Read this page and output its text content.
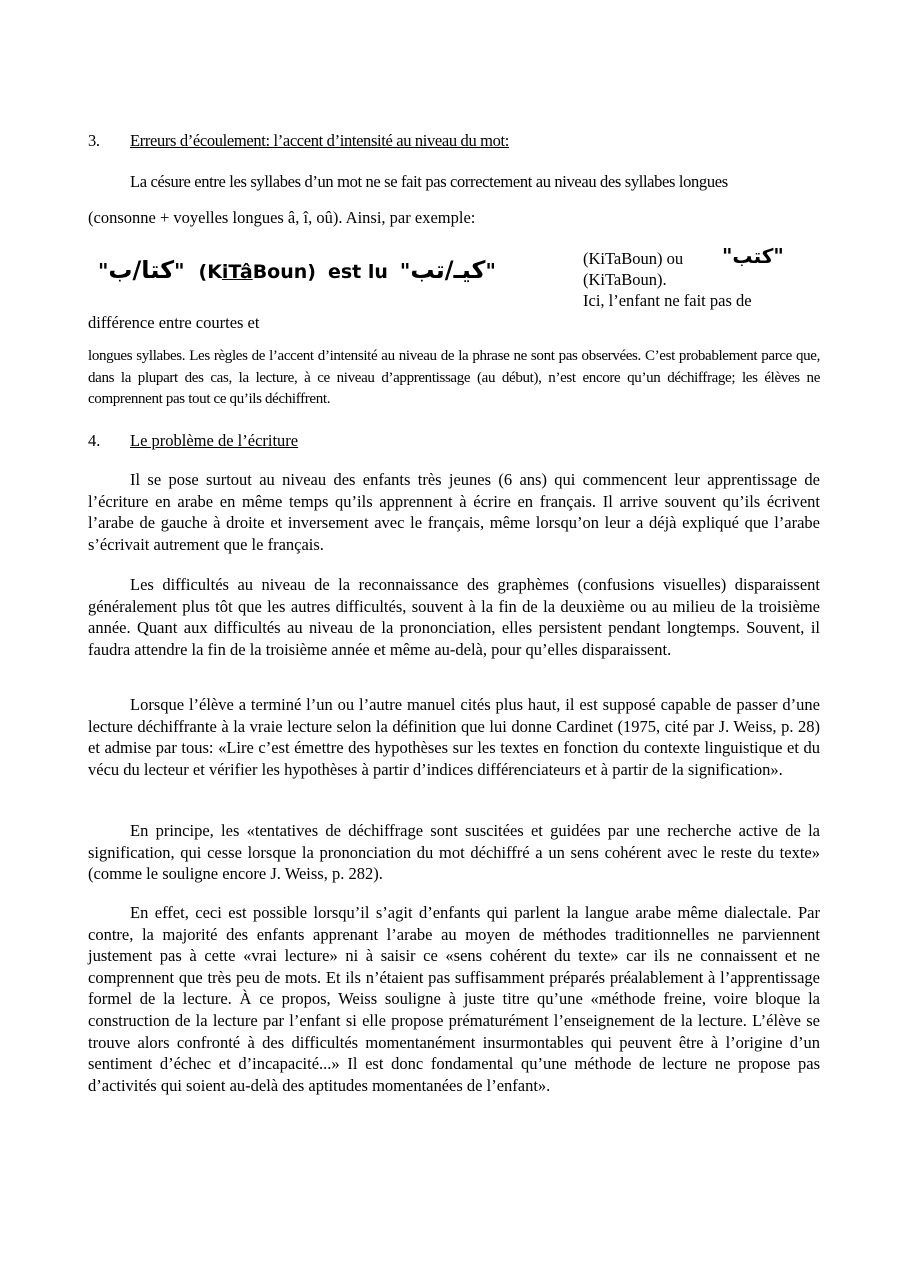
3. Erreurs d’écoulement: l’accent d’intensité au niveau du mot:
La césure entre les syllabes d’un mot ne se fait pas correctement au niveau des syllabes longues
(consonne + voyelles longues â, î, oû). Ainsi, par exemple:
"كتا/ب" (KiTâBoun) est lu "كيـ/تب"
(KiTaBoun) ou "كتب"
(KiTaBoun).
Ici, l’enfant ne fait pas de
différence entre courtes et
longues syllabes. Les règles de l’accent d’intensité au niveau de la phrase ne sont pas observées. C’est probablement parce que, dans la plupart des cas, la lecture, à ce niveau d’apprentissage (au début), n’est encore qu’un déchiffrage; les élèves ne comprennent pas tout ce qu’ils déchiffrent.
4. Le problème de l’écriture
Il se pose surtout au niveau des enfants très jeunes (6 ans) qui commencent leur apprentissage de l’écriture en arabe en même temps qu’ils apprennent à écrire en français. Il arrive souvent qu’ils écrivent l’arabe de gauche à droite et inversement avec le français, même lorsqu’on leur a déjà expliqué que l’arabe s’écrivait autrement que le français.
Les difficultés au niveau de la reconnaissance des graphèmes (confusions visuelles) disparaissent généralement plus tôt que les autres difficultés, souvent à la fin de la deuxième ou au milieu de la troisième année. Quant aux difficultés au niveau de la prononciation, elles persistent pendant longtemps. Souvent, il faudra attendre la fin de la troisième année et même au-delà, pour qu’elles disparaissent.
Lorsque l’élève a terminé l’un ou l’autre manuel cités plus haut, il est supposé capable de passer d’une lecture déchiffrante à la vraie lecture selon la définition que lui donne Cardinet (1975, cité par J. Weiss, p. 28) et admise par tous: «Lire c’est émettre des hypothèses sur les textes en fonction du contexte linguistique et du vécu du lecteur et vérifier les hypothèses à partir d’indices différenciateurs et à partir de la signification».
En principe, les «tentatives de déchiffrage sont suscitées et guidées par une recherche active de la signification, qui cesse lorsque la prononciation du mot déchiffré a un sens cohérent avec le reste du texte» (comme le souligne encore J. Weiss, p. 282).
En effet, ceci est possible lorsqu’il s’agit d’enfants qui parlent la langue arabe même dialectale. Par contre, la majorité des enfants apprenant l’arabe au moyen de méthodes traditionnelles ne parviennent justement pas à cette «vrai lecture» ni à saisir ce «sens cohérent du texte» car ils ne connaissent et ne comprennent que très peu de mots. Et ils n’étaient pas suffisamment préparés préalablement à l’apprentissage formel de la lecture. À ce propos, Weiss souligne à juste titre qu’une «méthode freine, voire bloque la construction de la lecture par l’enfant si elle propose prématurément l’enseignement de la lecture. L’élève se trouve alors confronté à des difficultés momentanément insurmontables qui peuvent être à l’origine d’un sentiment d’échec et d’incapacité...» Il est donc fondamental qu’une méthode de lecture ne propose pas d’activités qui soient au-delà des aptitudes momentanées de l’enfant».
